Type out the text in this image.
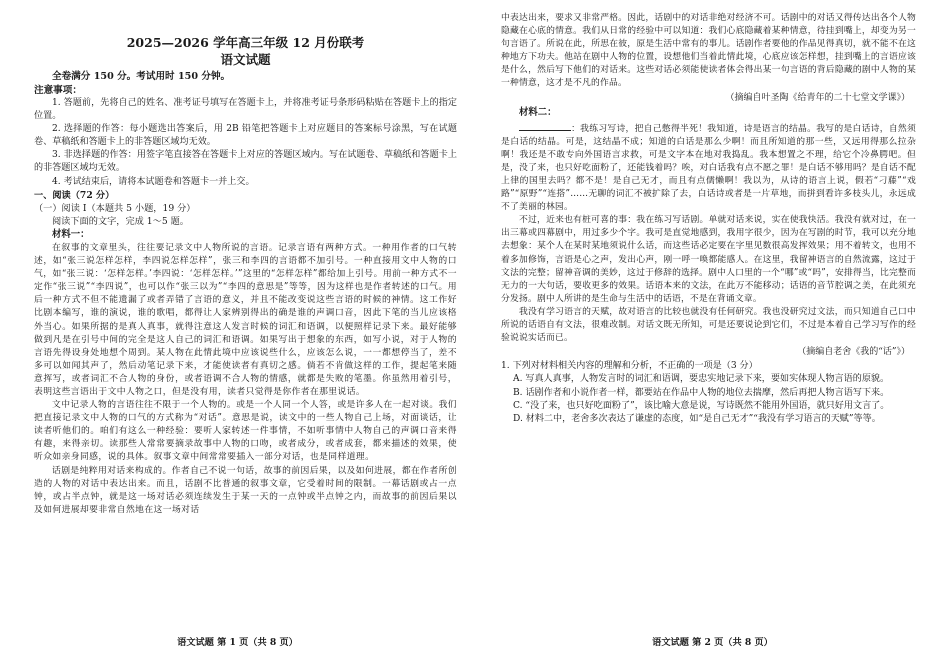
2025—2026 学年高三年级 12 月份联考

语文试题

全卷满分 150 分。考试用时 150 分钟。

注意事项：

1. 答题前，先将自己的姓名、准考证号填写在答题卡上，并将准考证号条形码粘贴在答题卡上的指定位置。

2. 选择题的作答：每小题选出答案后，用 2B 铅笔把答题卡上对应题目的答案标号涂黑，写在试题卷、草稿纸和答题卡上的非答题区域均无效。

3. 非选择题的作答：用签字笔直接答在答题卡上对应的答题区域内。写在试题卷、草稿纸和答题卡上的非答题区域均无效。

4. 考试结束后，请将本试题卷和答题卡一并上交。

一、阅读（72 分）

（一）阅读 Ⅰ（本题共 5 小题，19 分）

阅读下面的文字，完成 1～5 题。

材料一：

在叙事的文章里头，往往要记录文中人物所说的言语。记录言语有两种方式。一种用作者的口气转述，如“张三说怎样怎样，李四说怎样怎样”，张三和李四的言语都不加引号。一种直接用文中人物的口气，如“张三说：‘怎样怎样。’李四说：‘怎样怎样。’”这里的“怎样怎样”都给加上引号。用前一种方式不一定作“张三说”“李四说”，也可以作“张三以为”“李四的意思是”等等，因为这样也是作者转述的口气。用后一种方式不但不能遗漏了或者弄错了言语的意义，并且不能改变说这些言语的时候的神情。这工作好比剧本编写，谁的演说，谁的歌唱，都得让人家辨别得出的确是谁的声调口音，因此下笔的当儿应该格外当心。如果所据的是真人真事，就得注意这人发言时候的词汇和语调，以便照样记录下来。最好能够做到凡是在引号中间的完全是这人自己的词汇和语调。如果写出于想象的东西，如写小说，对于人物的言语先得设身处地想个周到。某人物在此情此境中应该说些什么，应该怎么说，一一都想停当了，差不多可以如闻其声了，然后动笔记录下来，才能使读者有真切之感。倘若不肯做这样的工作，提起笔来随意挥写，或者词汇不合人物的身份，或者语调不合人物的情感，就都是失败的笔墨。你虽然用着引号，表明这些言语出于文中人物之口，但是没有用，读者只觉得是你作者在那里说话。

文中记录人物的言语往往不限于一个人物的。或是一个人同一个人答，或是许多人在一起对谈。我们把直接记录文中人物的口气的方式称为“对话”。意思是说，读文中的一些人物自己上场，对面谈话，让读者听他们的。咱们有这么一种经验：要听人家转述一件事情，不如听事情中人物自己的声调口音来得有趣，来得亲切。读那些人常常要摘录故事中人物的口吻，或者成分，或者成套，都来描述的效果，使听众如亲身同感，说的具体。叙事文章中间常常要插入一部分对话，也是同样道理。

话剧是纯粹用对话来构成的。作者自己不说一句话，故事的前因后果，以及如何进展，都在作者所创造的人物的对话中表达出来。而且，话剧不比普通的叙事文章，它受着时间的限制。一幕话剧或占一点钟，或占半点钟，就是这一场对话必须连续发生于某一天的一点钟或半点钟之内，而故事的前因后果以及如何进展却要非常自然地在这一场对话

语文试题 第 1 页（共 8 页）

中表达出来，要求又非常严格。因此，话剧中的对话非绝对经济不可。话剧中的对话又得传达出各个人物隐藏在心底的情意。我们从日常的经验中可以知道：我们心底隐藏着某种情意，待挂到嘴上，却变为另一句言语了。所说在此，所思在彼，原是生活中常有的事儿。话剧作者要他的作品见得真切，就不能不在这种地方下功夫。他站在剧中人物的位置，设想他们当着此情此境，心底应该怎样想，挂到嘴上的言语应该是什么，然后写下他们的对话来。这些对话必须能使读者体会得出某一句言语的背后隐藏的剧中人物的某一种情意，这才是不凡的作品。

（摘编自叶圣陶《给青年的二十七堂文学课》）

材料二：

：我练习写诗，把自己憋得半死！我知道，诗是语言的结晶。我写的是白话诗，自然须是白话的结晶。可是，这结晶不成；知道的白话是那么少啊！而且所知道的那一些，又远用得那么拉杂啊！我还是不敢专向外国语言求救，可是文字本在地对我捣乱。我本想置之不理，给它个冷鼻腭吧。但是，没了来，也只好吃面粉了，还能钱着吗？唉，对白话我有点不愿之罪！是白话不够用吗？是自话不配上律的国里去吗？都不是！是自己无才，而且有点儒懒啊！我以为，从诗的语言上说，假若“刁藤”“戏路”“原野”“连搭”……无聊的词汇不被扩除了去，白话诗或者是一片草地，而拼到看许多枝头儿，永远成不了美丽的林园。

不过，近来也有桩可喜的事：我在练习写话剧。单就对话来说，实在使我快活。我没有就对过，在一出三幕或四幕剧中，用过多少个字。我可是直觉地感到，我用字很少，因为在写剧的时节，我可以充分地去想象：某个人在某时某地须说什么话，而这些话必定要在字里见数很高发挥效果；用不着转文，也用不着多加修饰，言语是心之声，发出心声，刚一呼一唤都能感人。在这里，我留神语言的自然流露，这过于文法的完整；留神音调的美妙，这过于修辞的选择。剧中人口里的一个“哪”或“吗”，安排得当，比完整而无力的一大句话，要收更多的效果。话语本来的文法，在此万不能移动；话语的音节腔调之美，在此须充分发扬。剧中人所讲的是生命与生活中的话语，不是在背诵文章。

我没有学习语言的天赋，故对语言的比较也就没有任何研究。我也没研究过文法，而只知道自己口中所说的话语自有文法，很难改制。对话文既无所知，可是还要说论到它们，不过是本着自己学习写作的经验说说实话而已。

（摘编自老舍《我的“话”》）

1. 下列对材料相关内容的理解和分析，不正确的一项是（3 分）

A. 写真人真事，人物发言时的词汇和语调，要忠实地记录下来，要如实体现人物言语的原貌。

B. 话剧作者和小说作者一样，都要站在作品中人物的地位去揣摩，然后再把人物言语写下来。

C. “没了来，也只好吃面粉了”，该比喻大意是说，写诗既然不能用外国语，就只好用文言了。

D. 材料二中，老舍多次表达了谦虚的态度，如“是自己无才”“我没有学习语言的天赋”等等。

语文试题 第 2 页（共 8 页）
